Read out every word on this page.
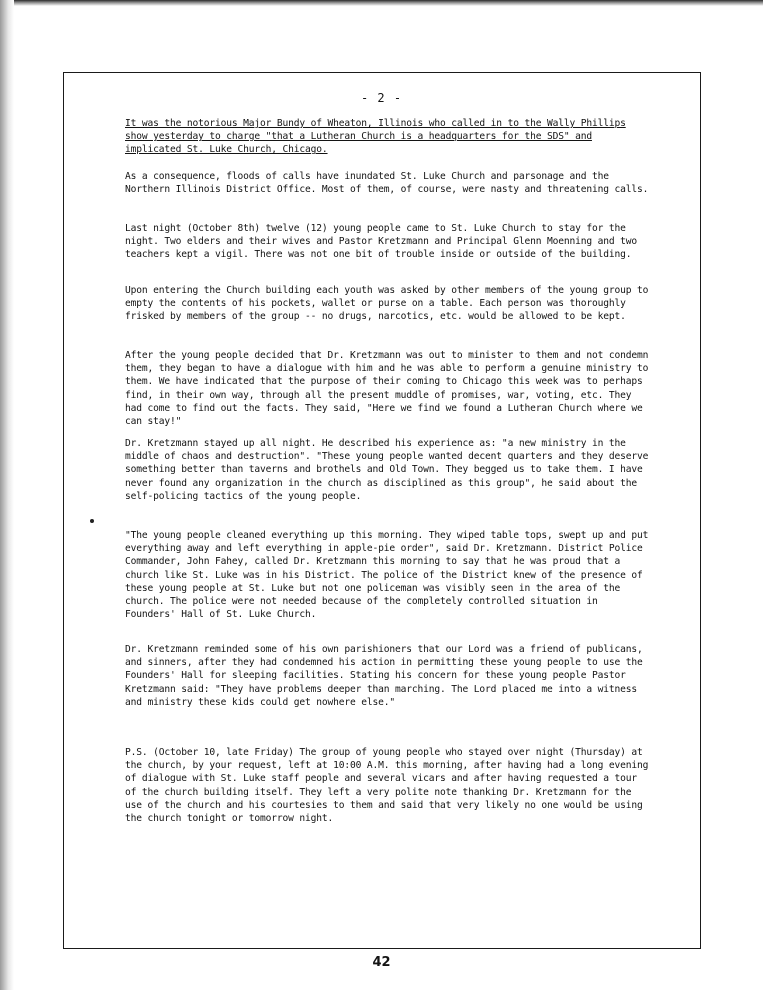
- 2 -

It was the notorious Major Bundy of Wheaton, Illinois who called in to the Wally Phillips show yesterday to charge "that a Lutheran Church is a headquarters for the SDS" and implicated St. Luke Church, Chicago.

As a consequence, floods of calls have inundated St. Luke Church and parsonage and the Northern Illinois District Office. Most of them, of course, were nasty and threatening calls.

Last night (October 8th) twelve (12) young people came to St. Luke Church to stay for the night. Two elders and their wives and Pastor Kretzmann and Principal Glenn Moenning and two teachers kept a vigil. There was not one bit of trouble inside or outside of the building.

Upon entering the Church building each youth was asked by other members of the young group to empty the contents of his pockets, wallet or purse on a table. Each person was thoroughly frisked by members of the group -- no drugs, narcotics, etc. would be allowed to be kept.

After the young people decided that Dr. Kretzmann was out to minister to them and not condemn them, they began to have a dialogue with him and he was able to perform a genuine ministry to them. We have indicated that the purpose of their coming to Chicago this week was to perhaps find, in their own way, through all the present muddle of promises, war, voting, etc. They had come to find out the facts. They said, "Here we find we found a Lutheran Church where we can stay!"

Dr. Kretzmann stayed up all night. He described his experience as: "a new ministry in the middle of chaos and destruction". "These young people wanted decent quarters and they deserve something better than taverns and brothels and Old Town. They begged us to take them. I have never found any organization in the church as disciplined as this group", he said about the self-policing tactics of the young people.

"The young people cleaned everything up this morning. They wiped table tops, swept up and put everything away and left everything in apple-pie order", said Dr. Kretzmann. District Police Commander, John Fahey, called Dr. Kretzmann this morning to say that he was proud that a church like St. Luke was in his District. The police of the District knew of the presence of these young people at St. Luke but not one policeman was visibly seen in the area of the church. The police were not needed because of the completely controlled situation in Founders' Hall of St. Luke Church.

Dr. Kretzmann reminded some of his own parishioners that our Lord was a friend of publicans, and sinners, after they had condemned his action in permitting these young people to use the Founders' Hall for sleeping facilities. Stating his concern for these young people Pastor Kretzmann said: "They have problems deeper than marching. The Lord placed me into a witness and ministry these kids could get nowhere else."

P.S. (October 10, late Friday) The group of young people who stayed over night (Thursday) at the church, by your request, left at 10:00 A.M. this morning, after having had a long evening of dialogue with St. Luke staff people and several vicars and after having requested a tour of the church building itself. They left a very polite note thanking Dr. Kretzmann for the use of the church and his courtesies to them and said that very likely no one would be using the church tonight or tomorrow night.

42
